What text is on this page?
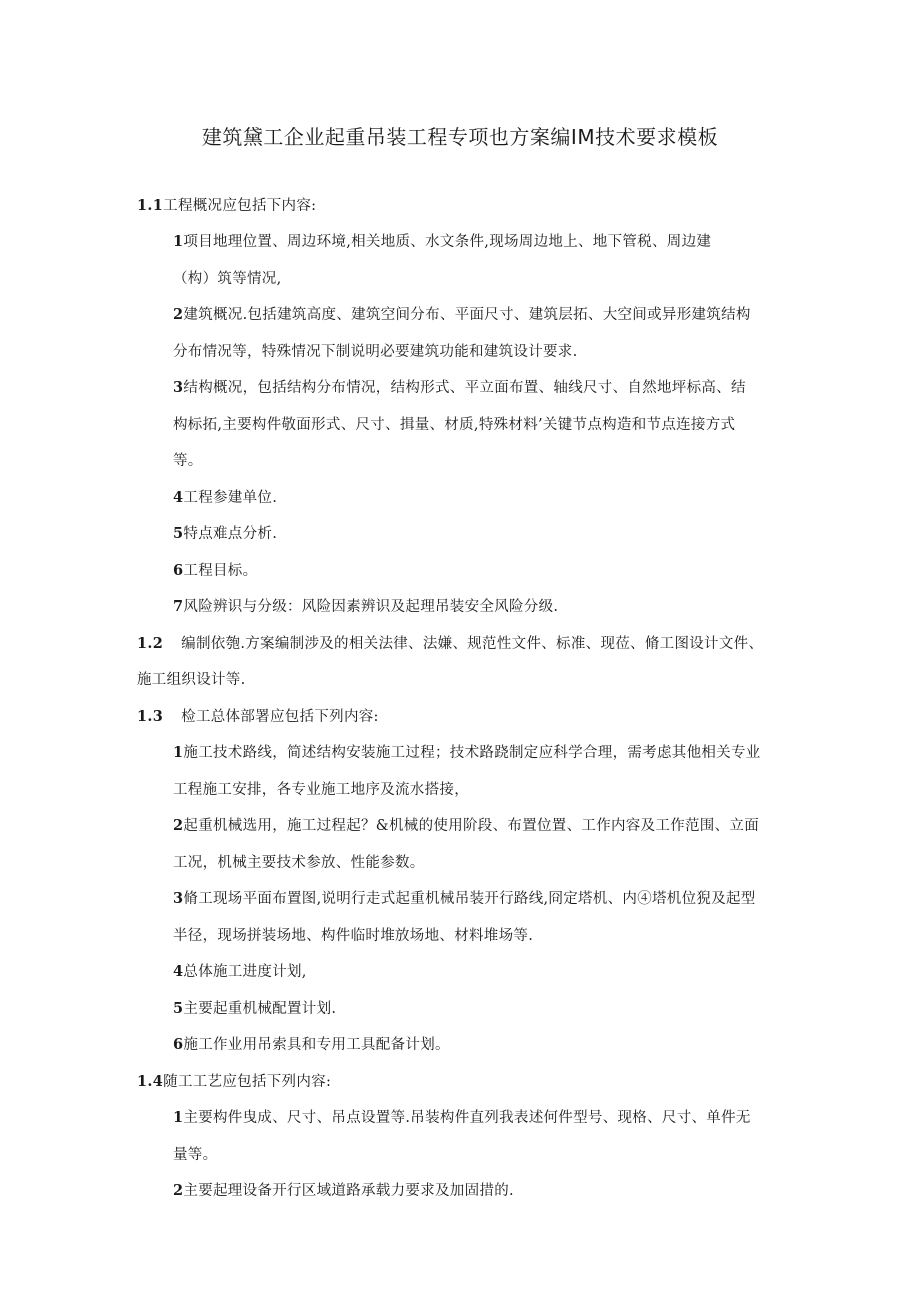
建筑黛工企业起重吊装工程专项也方案编IM技术要求模板
1.1工程概况应包括下内容:
1项目地理位置、周边环境,相关地质、水文条件,现场周边地上、地下管税、周边建
（构）筑等情况,
2建筑概况.包括建筑高度、建筑空间分布、平面尺寸、建筑层拓、大空间或异形建筑结构
分布情况等，特殊情况下制说明必要建筑功能和建筑设计要求.
3结构概况，包括结构分布情况，结构形式、平立面布置、轴线尺寸、自然地坪标高、结
构标拓,主要构件敬面形式、尺寸、揖量、材质,特殊材料’关键节点构造和节点连接方式
等。
4工程参建单位.
5特点难点分析.
6工程目标。
7风险辨识与分级：风险因素辨识及起理吊装安全风险分级.
1.2 编制依匏.方案编制涉及的相关法律、法嫌、规范性文件、标准、现莅、脩工图设计文件、
施工组织设计等.
1.3 检工总体部署应包括下列内容:
1施工技术路线，简述结构安装施工过程；技术路跷制定应科学合理，需考虑其他相关专业
工程施工安排，各专业施工地序及流水搭接，
2起重机械选用，施工过程起？&机械的使用阶段、布置位置、工作内容及工作范围、立面
工况，机械主要技术参放、性能参数。
3脩工现场平面布置图,说明行走式起重机械吊装开行路线,冏定塔机、内④塔机位猊及起型
半径，现场拼装场地、构件临时堆放场地、材料堆场等.
4总体施工进度计划,
5主要起重机械配置计划.
6施工作业用吊索具和专用工具配备计划。
1.4随工工艺应包括下列内容:
1主要构件曳成、尺寸、吊点设置等.吊装构件直列我表述何件型号、现格、尺寸、单件无
量等。
2主要起理设备开行区域道路承载力要求及加固措的.
